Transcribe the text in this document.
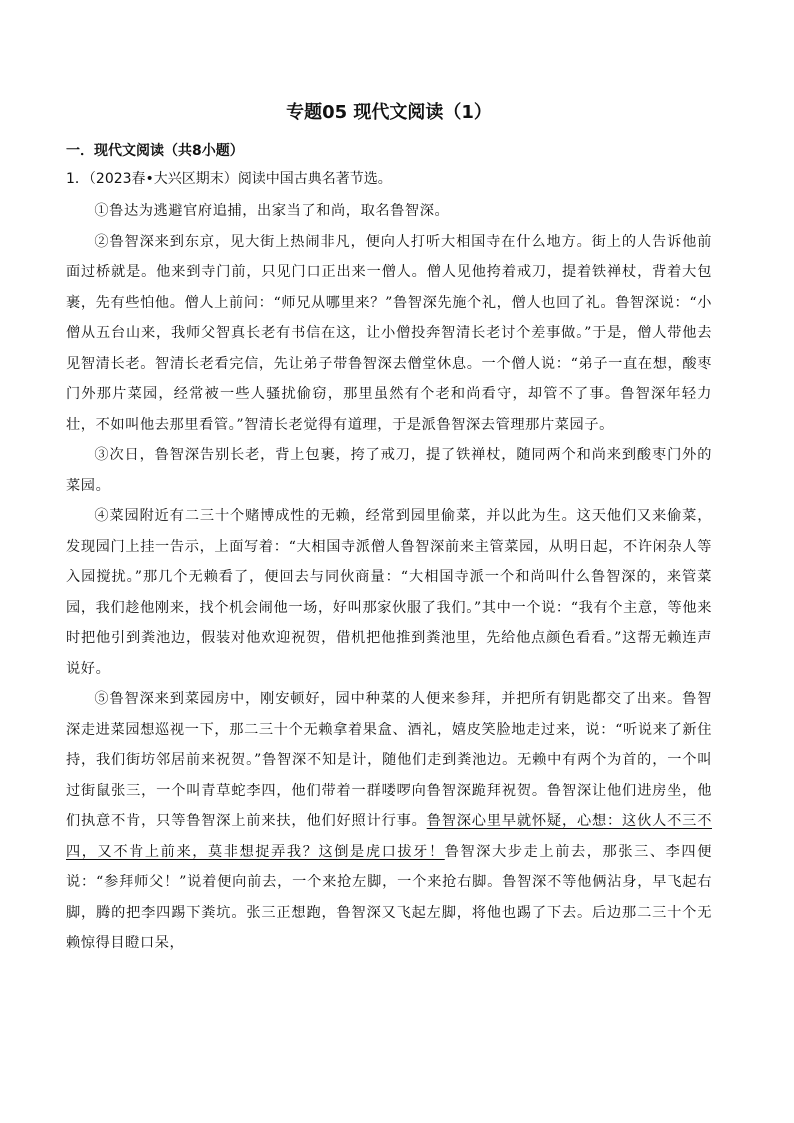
专题05 现代文阅读（1）
一．现代文阅读（共8小题）
1．（2023春•大兴区期末）阅读中国古典名著节选。

①鲁达为逃避官府追捕，出家当了和尚，取名鲁智深。

②鲁智深来到东京，见大街上热闹非凡，便向人打听大相国寺在什么地方。街上的人告诉他前面过桥就是。他来到寺门前，只见门口正出来一僧人。僧人见他挎着戒刀，提着铁禅杖，背着大包裹，先有些怕他。僧人上前问：“师兄从哪里来？”鲁智深先施个礼，僧人也回了礼。鲁智深说：“小僧从五台山来，我师父智真长老有书信在这，让小僧投奔智清长老讨个差事做。”于是，僧人带他去见智清长老。智清长老看完信，先让弟子带鲁智深去僧堂休息。一个僧人说：“弟子一直在想，酸枣门外那片菜园，经常被一些人骚扰偷窃，那里虽然有个老和尚看守，却管不了事。鲁智深年轻力壮，不如叫他去那里看管。”智清长老觉得有道理，于是派鲁智深去管理那片菜园子。

③次日，鲁智深告别长老，背上包裹，挎了戒刀，提了铁禅杖，随同两个和尚来到酸枣门外的菜园。

④菜园附近有二三十个赌博成性的无赖，经常到园里偷菜，并以此为生。这天他们又来偷菜，发现园门上挂一告示，上面写着：“大相国寺派僧人鲁智深前来主管菜园，从明日起，不许闲杂人等入园搅扰。”那几个无赖看了，便回去与同伙商量：“大相国寺派一个和尚叫什么鲁智深的，来管菜园，我们趁他刚来，找个机会闹他一场，好叫那家伙服了我们。”其中一个说：“我有个主意，等他来时把他引到粪池边，假装对他欢迎祝贺，借机把他推到粪池里，先给他点颜色看看。”这帮无赖连声说好。

⑤鲁智深来到菜园房中，刚安顿好，园中种菜的人便来参拜，并把所有钥匙都交了出来。鲁智深走进菜园想巡视一下，那二三十个无赖拿着果盒、酒礼，嬉皮笑脸地走过来，说：“听说来了新住持，我们街坊邻居前来祝贺。”鲁智深不知是计，随他们走到粪池边。无赖中有两个为首的，一个叫过街鼠张三，一个叫青草蛇李四，他们带着一群喽啰向鲁智深跪拜祝贺。鲁智深让他们进房坐，他们执意不肯，只等鲁智深上前来扶，他们好照计行事。鲁智深心里早就怀疑，心想：这伙人不三不四，又不肯上前来，莫非想捉弄我？这倒是虎口拔牙！鲁智深大步走上前去，那张三、李四便说：“参拜师父！”说着便向前去，一个来抢左脚，一个来抢右脚。鲁智深不等他俩沾身，早飞起右脚，腾的把李四踢下粪坑。张三正想跑，鲁智深又飞起左脚，将他也踢了下去。后边那二三十个无赖惊得目瞪口呆，
